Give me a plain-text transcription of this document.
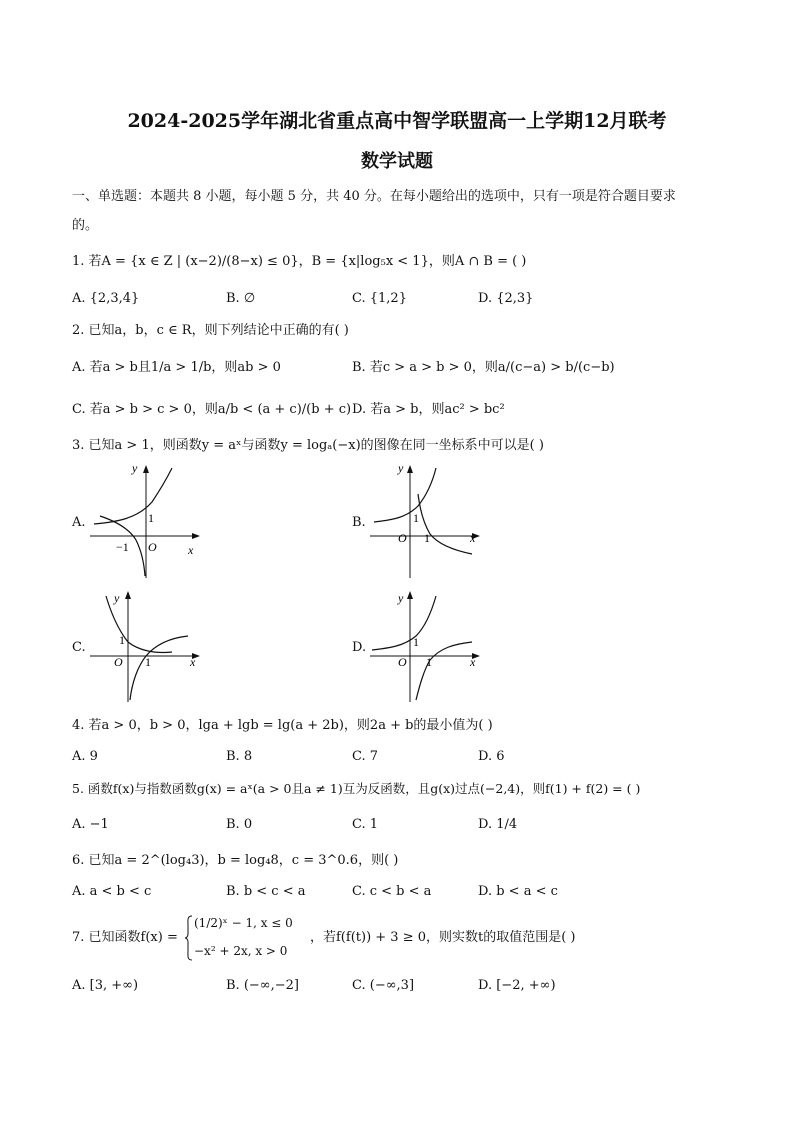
2024-2025学年湖北省重点高中智学联盟高一上学期12月联考
数学试题
一、单选题：本题共 8 小题，每小题 5 分，共 40 分。在每小题给出的选项中，只有一项是符合题目要求
的。
1. 若A = {x ∈ Z | (x−2)/(8−x) ≤ 0}，B = {x|log₅x < 1}，则A ∩ B = ( )
A. {2,3,4}	B. ∅	C. {1,2}	D. {2,3}
2. 已知a，b，c ∈ R，则下列结论中正确的有( )
A. 若a > b且1/a > 1/b，则ab > 0	B. 若c > a > b > 0，则a/(c−a) > b/(c−b)
C. 若a > b > c > 0，则a/b < (a + c)/(b + c) D. 若a > b，则ac² > bc²
3. 已知a > 1，则函数y = aˣ与函数y = logₐ(−x)的图像在同一坐标系中可以是( )
A.
y
x
O
1
−1
B.
y
x
O
1
1
C.
y
x
O
1
1
D.
y
x
O
1
1
4. 若a > 0，b > 0，lga + lgb = lg(a + 2b)，则2a + b的最小值为( )
A. 9	B. 8	C. 7	D. 6
5. 函数f(x)与指数函数g(x) = aˣ(a > 0且a ≠ 1)互为反函数，且g(x)过点(−2,4)，则f(1) + f(2) = ( )
A. −1	B. 0	C. 1	D. 1/4
6. 已知a = 2^(log₄3)，b = log₄8，c = 3^0.6，则( )
A. a < b < c	B. b < c < a	C. c < b < a	D. b < a < c
7. 已知函数f(x) =
(1/2)ˣ − 1, x ≤ 0
−x² + 2x, x > 0
，若f(f(t)) + 3 ≥ 0，则实数t的取值范围是( )
A. [3, +∞)	B. (−∞,−2]	C. (−∞,3]	D. [−2, +∞)
